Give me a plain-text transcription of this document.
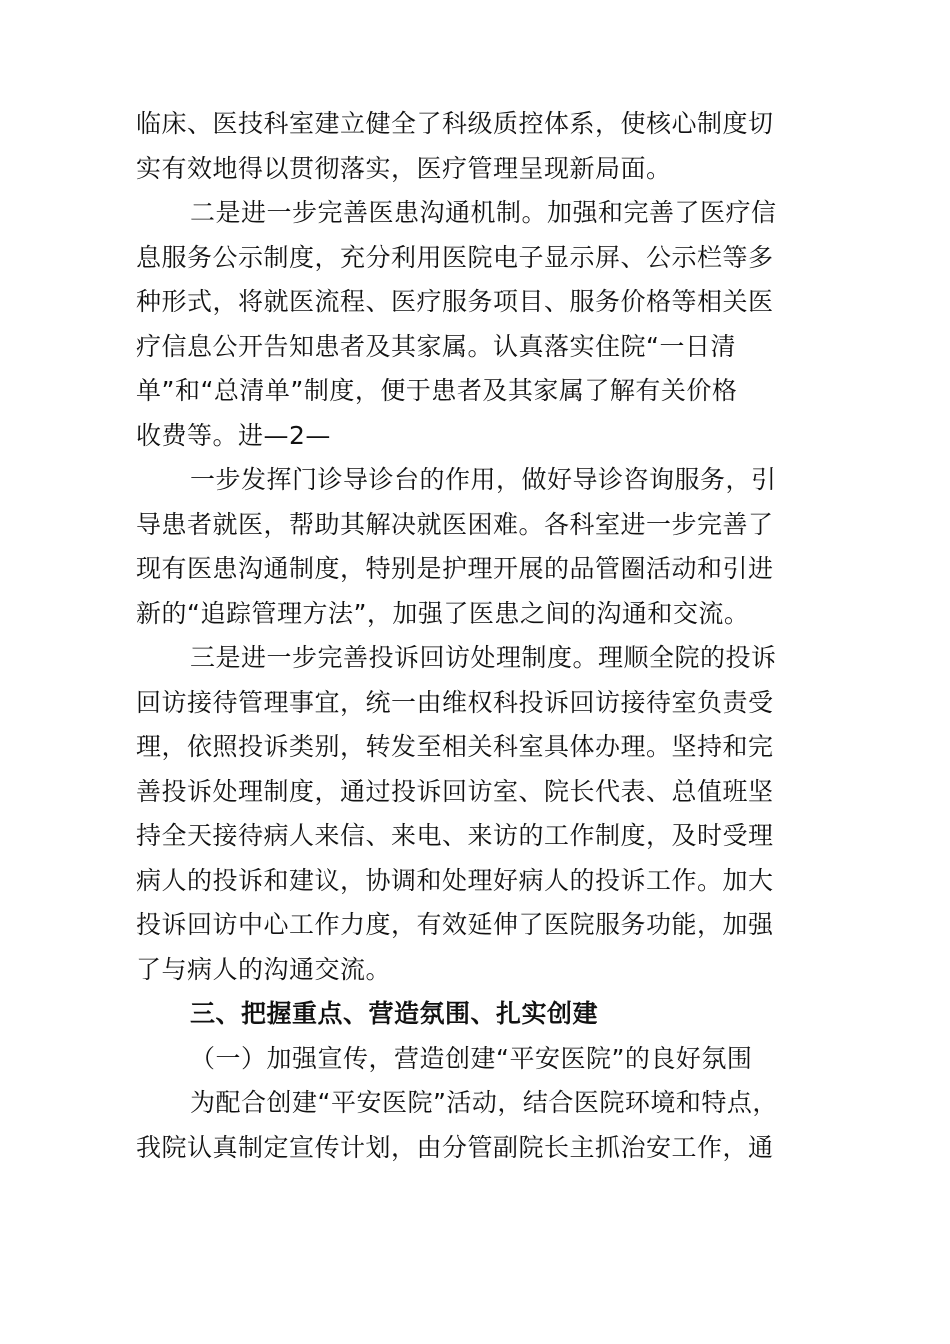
临床、医技科室建立健全了科级质控体系，使核心制度切
实有效地得以贯彻落实，医疗管理呈现新局面。
二是进一步完善医患沟通机制。加强和完善了医疗信
息服务公示制度，充分利用医院电子显示屏、公示栏等多
种形式，将就医流程、医疗服务项目、服务价格等相关医
疗信息公开告知患者及其家属。认真落实住院“一日清
单”和“总清单”制度，便于患者及其家属了解有关价格
收费等。进—2—
一步发挥门诊导诊台的作用，做好导诊咨询服务，引
导患者就医，帮助其解决就医困难。各科室进一步完善了
现有医患沟通制度，特别是护理开展的品管圈活动和引进
新的“追踪管理方法”，加强了医患之间的沟通和交流。
三是进一步完善投诉回访处理制度。理顺全院的投诉
回访接待管理事宜，统一由维权科投诉回访接待室负责受
理，依照投诉类别，转发至相关科室具体办理。坚持和完
善投诉处理制度，通过投诉回访室、院长代表、总值班坚
持全天接待病人来信、来电、来访的工作制度，及时受理
病人的投诉和建议，协调和处理好病人的投诉工作。加大
投诉回访中心工作力度，有效延伸了医院服务功能，加强
了与病人的沟通交流。
三、把握重点、营造氛围、扎实创建
（一）加强宣传，营造创建“平安医院”的良好氛围
为配合创建“平安医院”活动，结合医院环境和特点，
我院认真制定宣传计划，由分管副院长主抓治安工作，通
